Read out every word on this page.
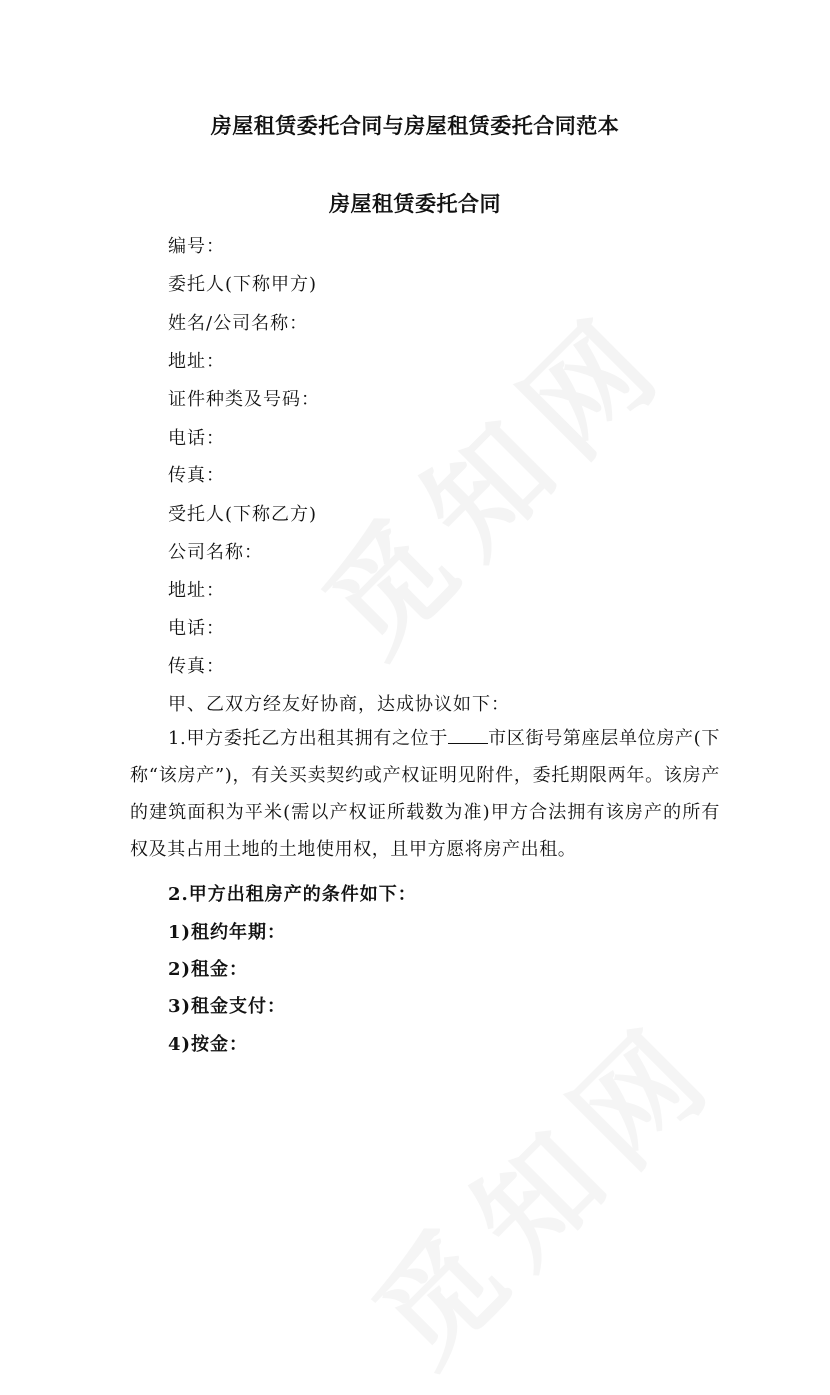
房屋租赁委托合同与房屋租赁委托合同范本
房屋租赁委托合同
编号：
委托人(下称甲方)
姓名/公司名称：
地址：
证件种类及号码：
电话：
传真：
受托人(下称乙方)
公司名称：
地址：
电话：
传真：
甲、乙双方经友好协商，达成协议如下：
1.甲方委托乙方出租其拥有之位于 市区街号第座层单位房产(下称“该房产”)，有关买卖契约或产权证明见附件，委托期限两年。该房产的建筑面积为平米(需以产权证所载数为准)甲方合法拥有该房产的所有权及其占用土地的土地使用权，且甲方愿将房产出租。
2.甲方出租房产的条件如下：
1)租约年期：
2)租金：
3)租金支付：
4)按金：
